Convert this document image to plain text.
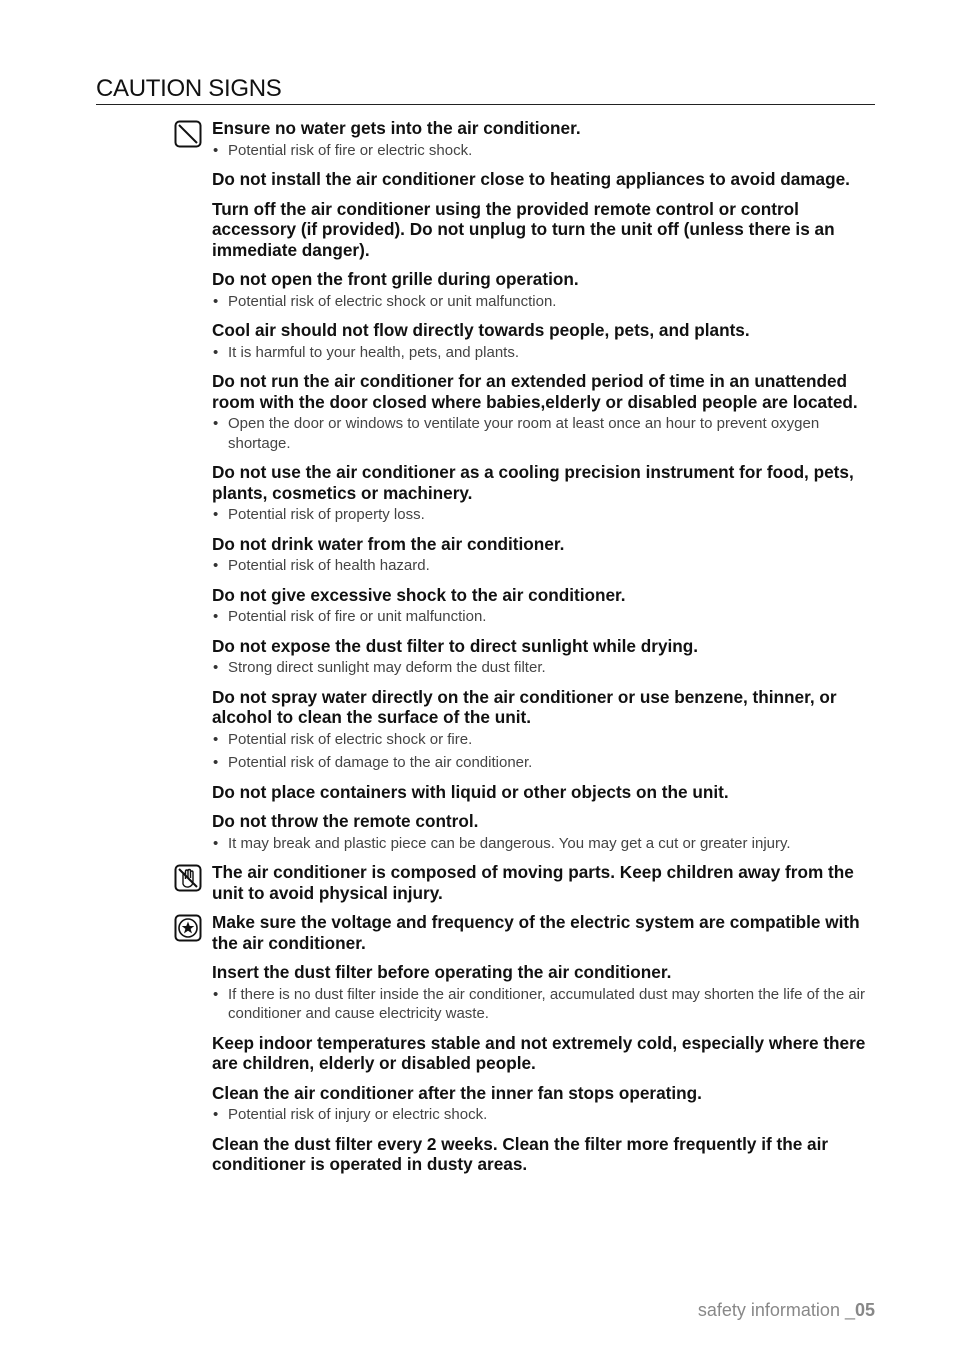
CAUTION SIGNS

Ensure no water gets into the air conditioner.

• Potential risk of fire or electric shock.

Do not install the air conditioner close to heating appliances to avoid damage.

Turn off the air conditioner using the provided remote control or control accessory (if provided). Do not unplug to turn the unit off (unless there is an immediate danger).

Do not open the front grille during operation.

• Potential risk of electric shock or unit malfunction.

Cool air should not flow directly towards people, pets, and plants.

• It is harmful to your health, pets, and plants.

Do not run the air conditioner for an extended period of time in an unattended room with the door closed where babies,elderly or disabled people are located.

• Open the door or windows to ventilate your room at least once an hour to prevent oxygen shortage.

Do not use the air conditioner as a cooling precision instrument for food, pets, plants, cosmetics or machinery.

• Potential risk of property loss.

Do not drink water from the air conditioner.

• Potential risk of health hazard.

Do not give excessive shock to the air conditioner.

• Potential risk of fire or unit malfunction.

Do not expose the dust filter to direct sunlight while drying.

• Strong direct sunlight may deform the dust filter.

Do not spray water directly on the air conditioner or use benzene, thinner, or alcohol to clean the surface of the unit.

• Potential risk of electric shock or fire.
• Potential risk of damage to the air conditioner.

Do not place containers with liquid or other objects on the unit.

Do not throw the remote control.

• It may break and plastic piece can be dangerous. You may get a cut or greater injury.

The air conditioner is composed of moving parts. Keep children away from the unit to avoid physical injury.

Make sure the voltage and frequency of the electric system are compatible with the air conditioner.

Insert the dust filter before operating the air conditioner.

• If there is no dust filter inside the air conditioner, accumulated dust may shorten the life of the air conditioner and cause electricity waste.

Keep indoor temperatures stable and not extremely cold, especially where there are children, elderly or disabled people.

Clean the air conditioner after the inner fan stops operating.

• Potential risk of injury or electric shock.

Clean the dust filter every 2 weeks. Clean the filter more frequently if the air conditioner is operated in dusty areas.

safety information _05
